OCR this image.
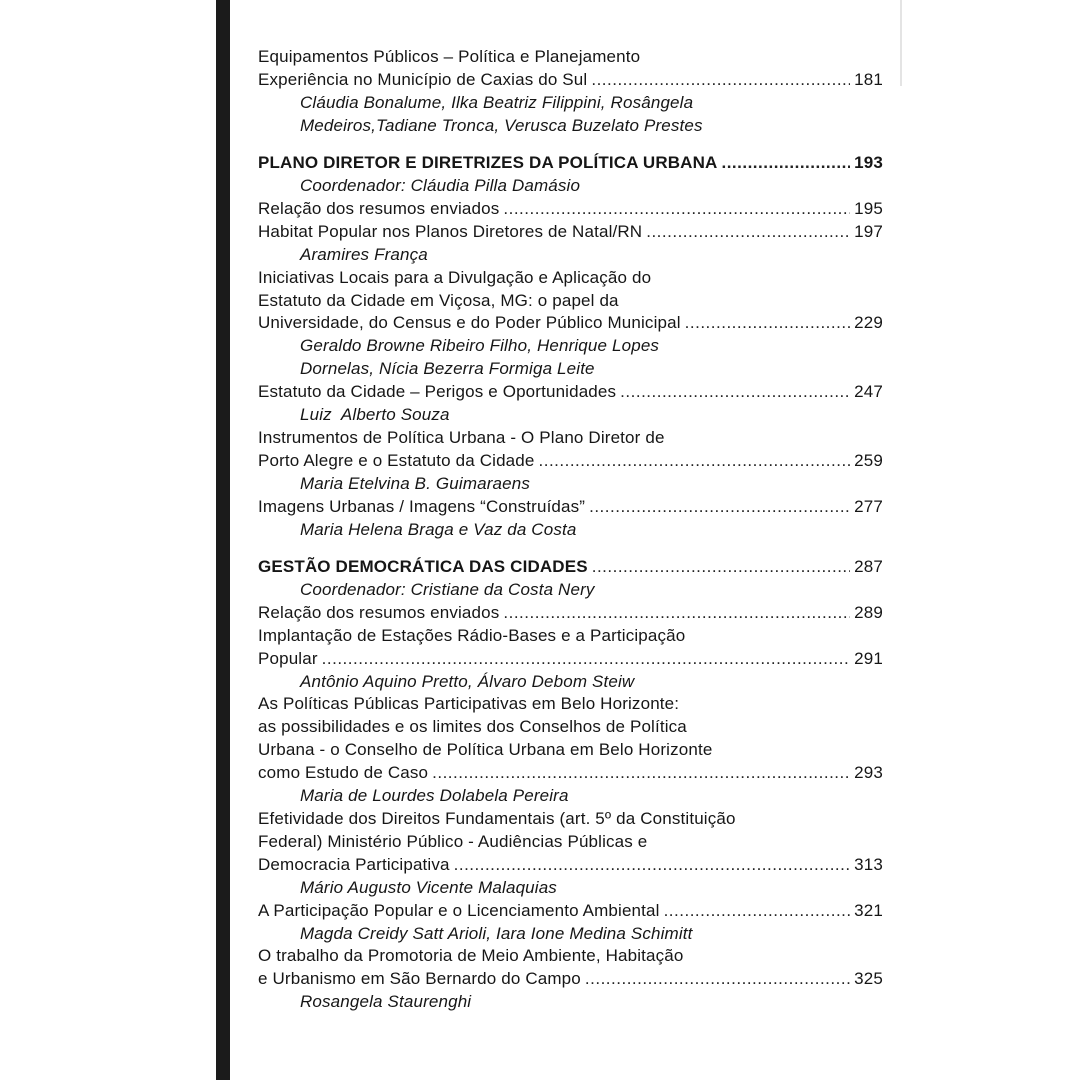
Equipamentos Públicos – Política e Planejamento
Experiência no Município de Caxias do Sul .....	181
Cláudia Bonalume, Ilka Beatriz Filippini, Rosângela
Medeiros,Tadiane Tronca, Verusca Buzelato Prestes
PLANO DIRETOR E DIRETRIZES DA POLÍTICA URBANA .....	193
Coordenador: Cláudia Pilla Damásio
Relação dos resumos enviados .....	195
Habitat Popular nos Planos Diretores de Natal/RN .....	197
Aramires França
Iniciativas Locais para a Divulgação e Aplicação do
Estatuto da Cidade em Viçosa, MG: o papel da
Universidade, do Census e do Poder Público Municipal .....	229
Geraldo Browne Ribeiro Filho, Henrique Lopes
Dornelas, Nícia Bezerra Formiga Leite
Estatuto da Cidade – Perigos e Oportunidades .....	247
Luiz  Alberto Souza
Instrumentos de Política Urbana - O Plano Diretor de
Porto Alegre e o Estatuto da Cidade .....	259
Maria Etelvina B. Guimaraens
Imagens Urbanas / Imagens “Construídas” .....	277
Maria Helena Braga e Vaz da Costa
GESTÃO DEMOCRÁTICA DAS CIDADES .....	287
Coordenador: Cristiane da Costa Nery
Relação dos resumos enviados .....	289
Implantação de Estações Rádio-Bases e a Participação
Popular .....	291
Antônio Aquino Pretto, Álvaro Debom Steiw
As Políticas Públicas Participativas em Belo Horizonte:
as possibilidades e os limites dos Conselhos de Política
Urbana - o Conselho de Política Urbana em Belo Horizonte
como Estudo de Caso .....	293
Maria de Lourdes Dolabela Pereira
Efetividade dos Direitos Fundamentais (art. 5º da Constituição
Federal) Ministério Público - Audiências Públicas e
Democracia Participativa .....	313
Mário Augusto Vicente Malaquias
A Participação Popular e o Licenciamento Ambiental .....	321
Magda Creidy Satt Arioli, Iara Ione Medina Schimitt
O trabalho da Promotoria de Meio Ambiente, Habitação
e Urbanismo em São Bernardo do Campo .....	325
Rosangela Staurenghi
